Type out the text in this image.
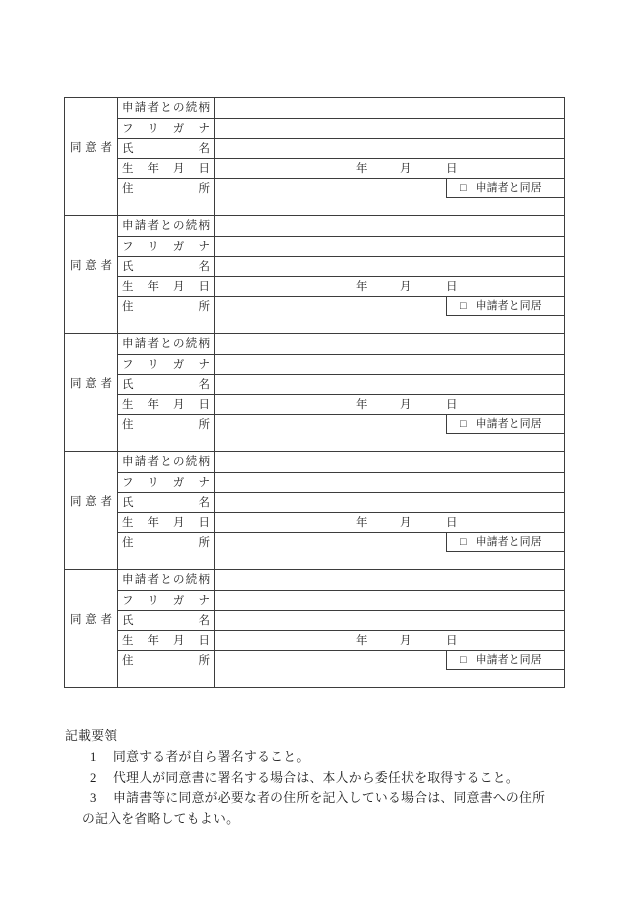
同意者
申請者との続柄
フリガナ
氏名
生年月日	年	月	日
住所	□ 申請者と同居
同意者
申請者との続柄
フリガナ
氏名
生年月日	年	月	日
住所	□ 申請者と同居
同意者
申請者との続柄
フリガナ
氏名
生年月日	年	月	日
住所	□ 申請者と同居
同意者
申請者との続柄
フリガナ
氏名
生年月日	年	月	日
住所	□ 申請者と同居
同意者
申請者との続柄
フリガナ
氏名
生年月日	年	月	日
住所	□ 申請者と同居
記載要領
1	同意する者が自ら署名すること。
2	代理人が同意書に署名する場合は、本人から委任状を取得すること。
3	申請書等に同意が必要な者の住所を記入している場合は、同意書への住所
の記入を省略してもよい。
